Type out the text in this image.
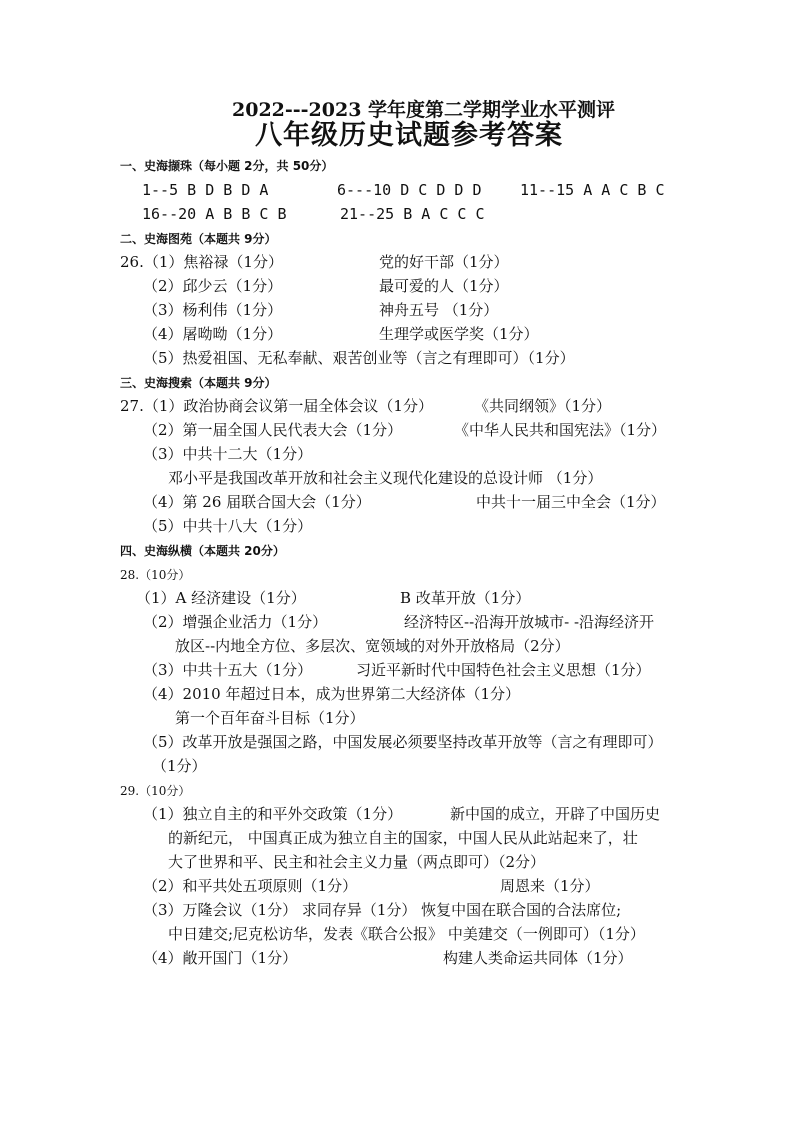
2022---2023 学年度第二学期学业水平测评
八年级历史试题参考答案
一、史海撷珠（每小题 2分，共 50分）
1--5 B D B D A	6---10 D C D D D	11--15 A A C B C
16--20 A B B C B	21--25 B A C C C
二、史海图苑（本题共 9分）
26.（1）焦裕禄（1分）	党的好干部（1分）
（2）邱少云（1分）	最可爱的人（1分）
（3）杨利伟（1分）	神舟五号 （1分）
（4）屠呦呦（1分）	生理学或医学奖（1分）
（5）热爱祖国、无私奉献、艰苦创业等（言之有理即可）（1分）
三、史海搜索（本题共 9分）
27.（1）政治协商会议第一届全体会议（1分）	《共同纲领》（1分）
（2）第一届全国人民代表大会（1分）	《中华人民共和国宪法》（1分）
（3）中共十二大（1分）
邓小平是我国改革开放和社会主义现代化建设的总设计师 （1分）
（4）第 26 届联合国大会（1分）	中共十一届三中全会（1分）
（5）中共十八大（1分）
四、史海纵横（本题共 20分）
28.（10分）
（1）A 经济建设（1分）	B 改革开放（1分）
（2）增强企业活力（1分）	经济特区--沿海开放城市- -沿海经济开
放区--内地全方位、多层次、宽领域的对外开放格局（2分）
（3）中共十五大（1分）	习近平新时代中国特色社会主义思想（1分）
（4）2010 年超过日本，成为世界第二大经济体（1分）
第一个百年奋斗目标（1分）
（5）改革开放是强国之路，中国发展必须要坚持改革开放等（言之有理即可）
（1分）
29.（10分）
（1）独立自主的和平外交政策（1分）	新中国的成立，开辟了中国历史
的新纪元， 中国真正成为独立自主的国家，中国人民从此站起来了，壮
大了世界和平、民主和社会主义力量（两点即可）（2分）
（2）和平共处五项原则（1分）	周恩来（1分）
（3）万隆会议（1分） 求同存异（1分） 恢复中国在联合国的合法席位;
中日建交;尼克松访华，发表《联合公报》 中美建交（一例即可）（1分）
（4）敞开国门（1分）	构建人类命运共同体（1分）
